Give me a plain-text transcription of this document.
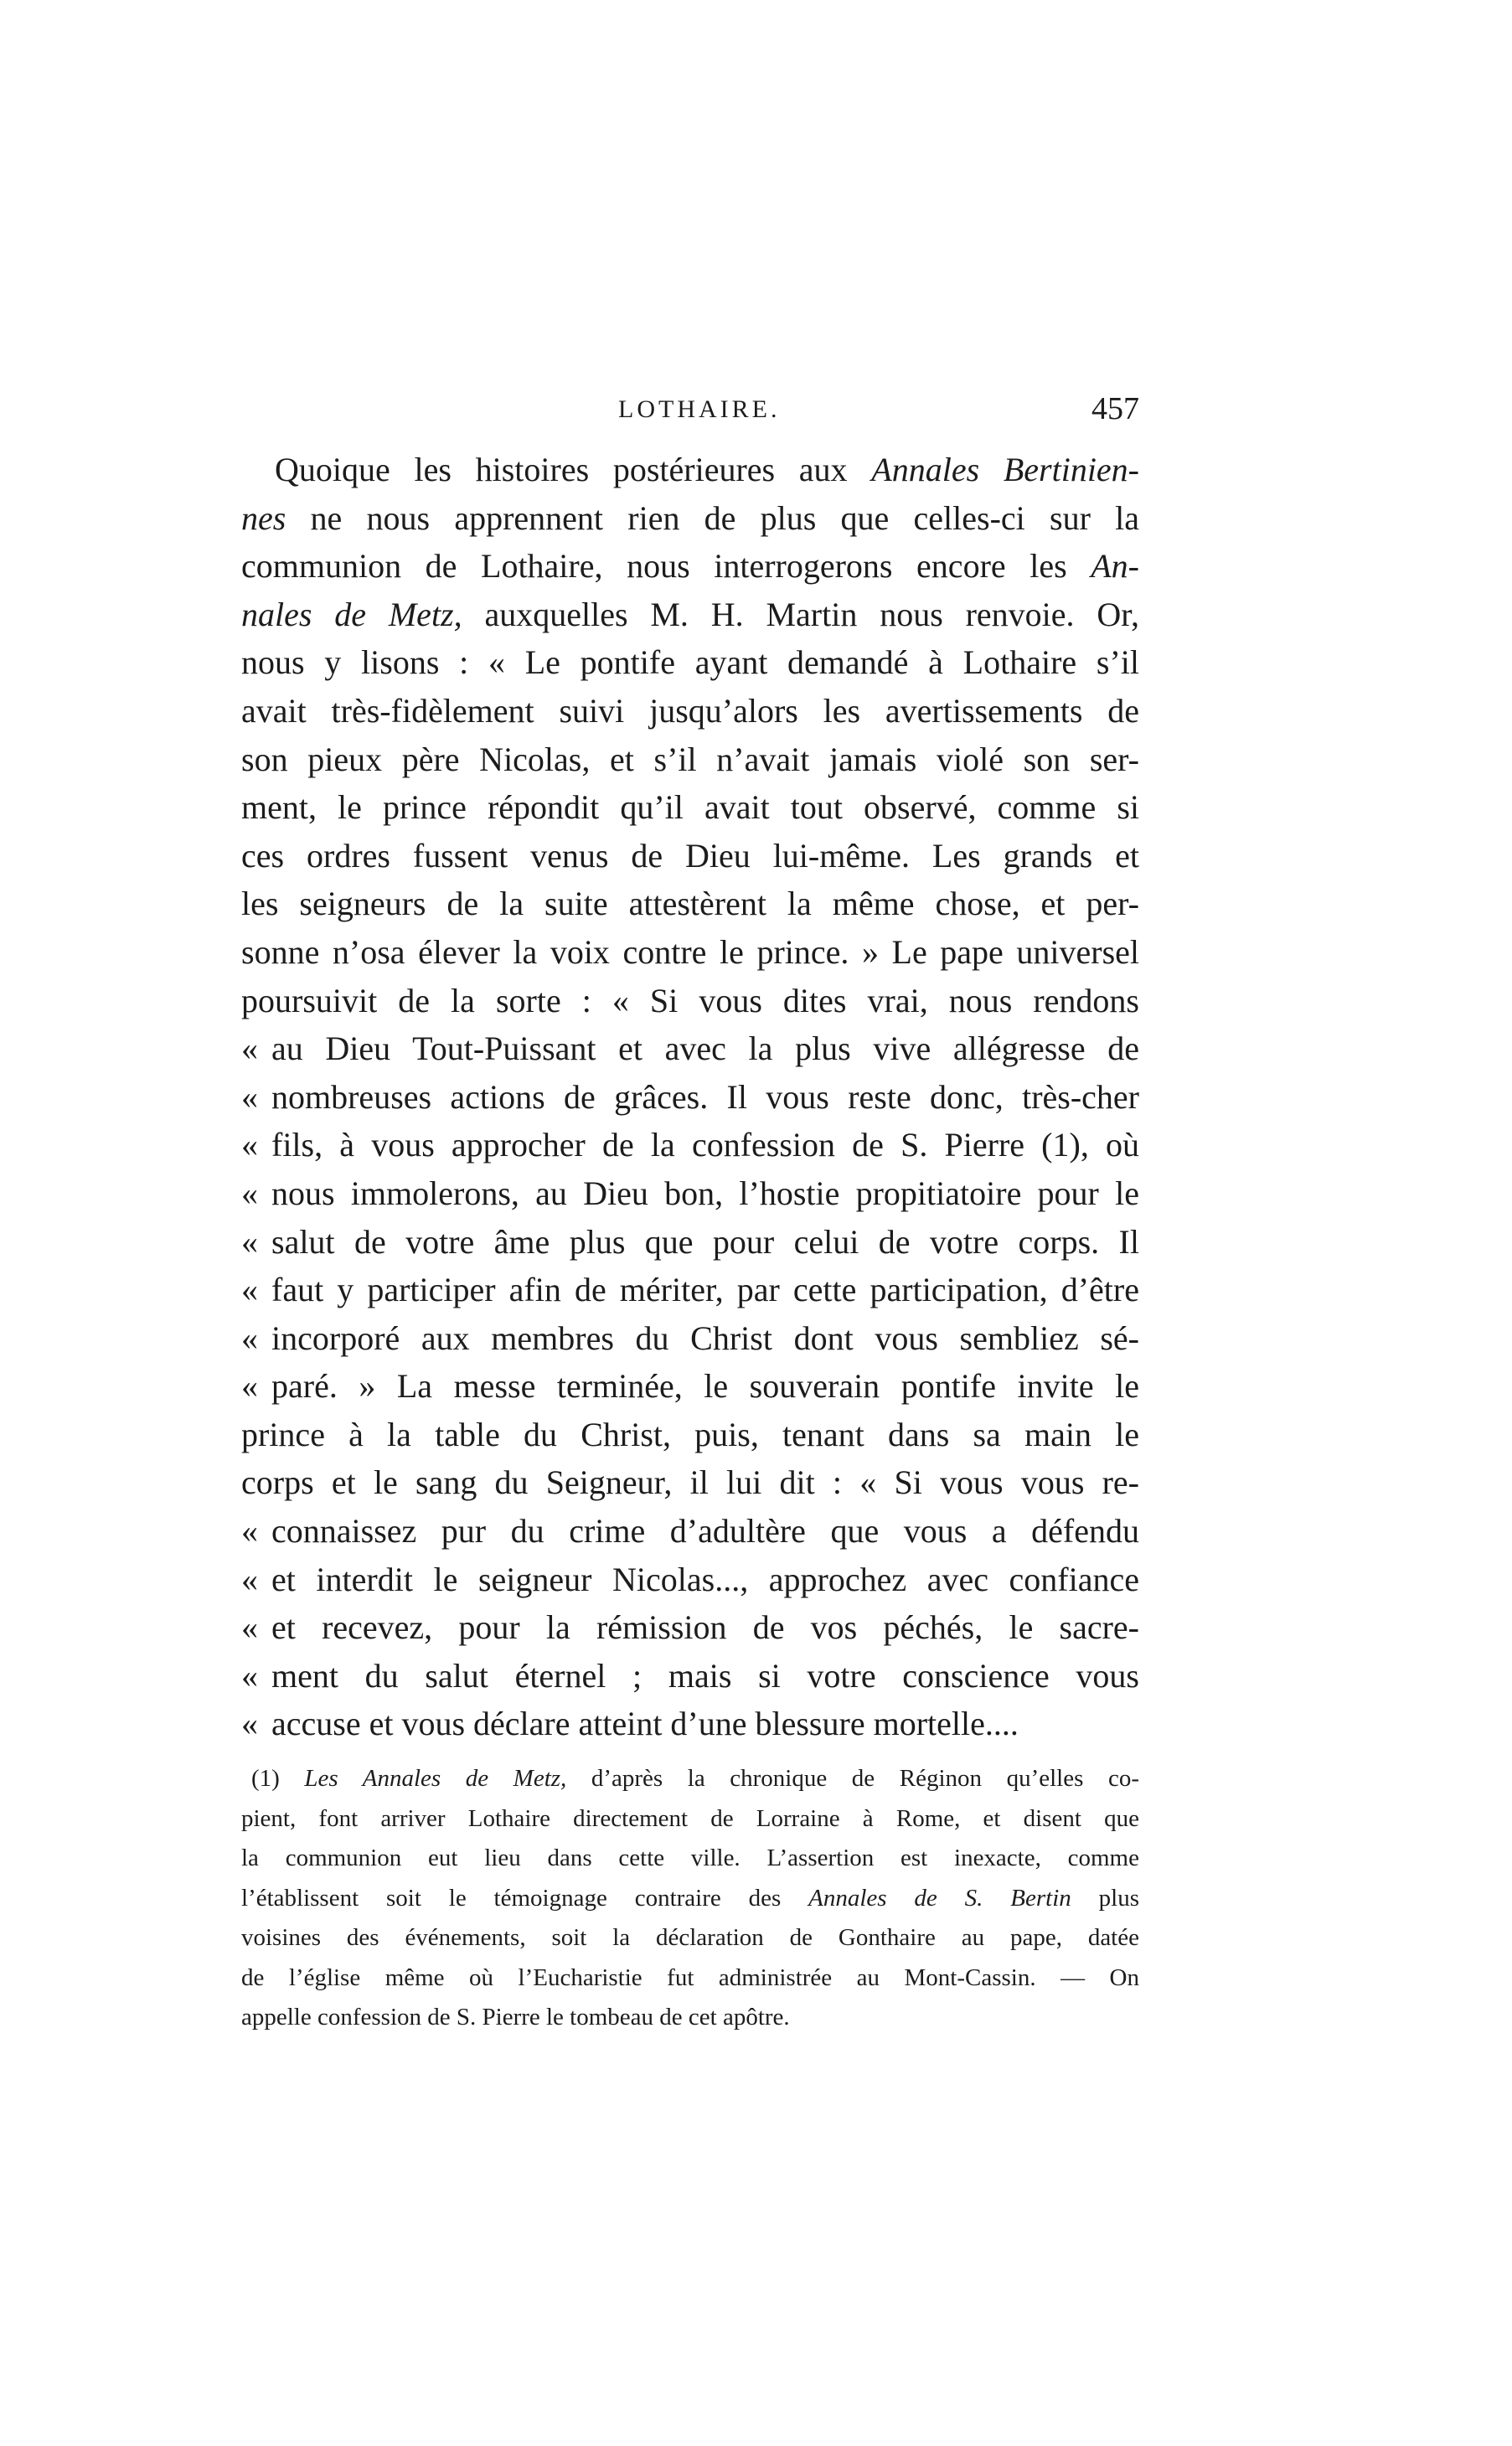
LOTHAIRE.	457
Quoique les histoires postérieures aux Annales Bertinien-
nes ne nous apprennent rien de plus que celles-ci sur la
communion de Lothaire, nous interrogerons encore les An-
nales de Metz, auxquelles M. H. Martin nous renvoie. Or,
nous y lisons : « Le pontife ayant demandé à Lothaire s’il
avait très-fidèlement suivi jusqu’alors les avertissements de
son pieux père Nicolas, et s’il n’avait jamais violé son ser-
ment, le prince répondit qu’il avait tout observé, comme si
ces ordres fussent venus de Dieu lui-même. Les grands et
les seigneurs de la suite attestèrent la même chose, et per-
sonne n’osa élever la voix contre le prince. » Le pape universel
poursuivit de la sorte : « Si vous dites vrai, nous rendons
« au Dieu Tout-Puissant et avec la plus vive allégresse de
« nombreuses actions de grâces. Il vous reste donc, très-cher
« fils, à vous approcher de la confession de S. Pierre (1), où
« nous immolerons, au Dieu bon, l’hostie propitiatoire pour le
« salut de votre âme plus que pour celui de votre corps. Il
« faut y participer afin de mériter, par cette participation, d’être
« incorporé aux membres du Christ dont vous sembliez sé-
« paré. » La messe terminée, le souverain pontife invite le
prince à la table du Christ, puis, tenant dans sa main le
corps et le sang du Seigneur, il lui dit : « Si vous vous re-
« connaissez pur du crime d’adultère que vous a défendu
« et interdit le seigneur Nicolas..., approchez avec confiance
« et recevez, pour la rémission de vos péchés, le sacre-
« ment du salut éternel ; mais si votre conscience vous
« accuse et vous déclare atteint d’une blessure mortelle....
(1) Les Annales de Metz, d’après la chronique de Réginon qu’elles co-
pient, font arriver Lothaire directement de Lorraine à Rome, et disent que
la communion eut lieu dans cette ville. L’assertion est inexacte, comme
l’établissent soit le témoignage contraire des Annales de S. Bertin plus
voisines des événements, soit la déclaration de Gonthaire au pape, datée
de l’église même où l’Eucharistie fut administrée au Mont-Cassin. — On
appelle confession de S. Pierre le tombeau de cet apôtre.
